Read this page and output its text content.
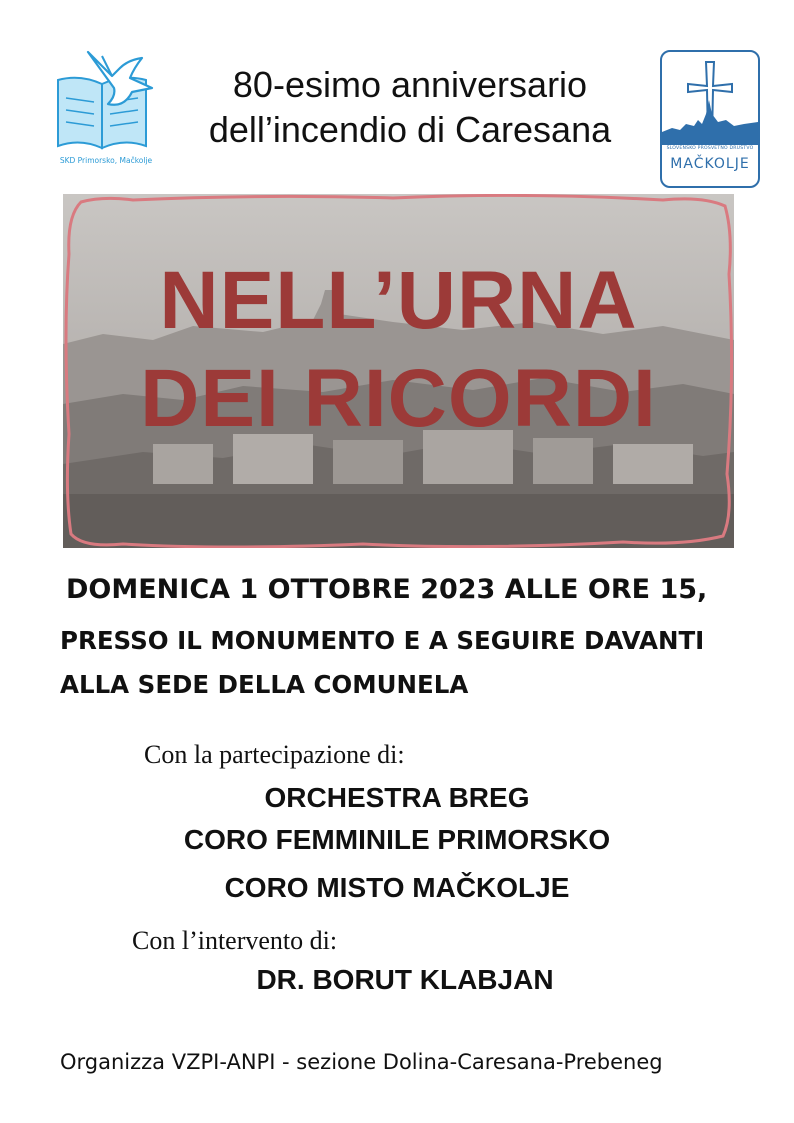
SKD Primorsko, Mačkolje
80-esimo anniversario
dell’incendio di Caresana	SLOVENSKO PROSVETNO DRUŠTVO
MAČKOLJE
NELL’URNA
DEI RICORDI
DOMENICA 1 OTTOBRE 2023 ALLE ORE 15,
PRESSO IL MONUMENTO E A SEGUIRE DAVANTI
ALLA SEDE DELLA COMUNELA
Con la partecipazione di:
ORCHESTRA BREG
CORO FEMMINILE PRIMORSKO
CORO MISTO MAČKOLJE
Con l’intervento di:
DR. BORUT KLABJAN
Organizza VZPI-ANPI - sezione Dolina-Caresana-Prebeneg
